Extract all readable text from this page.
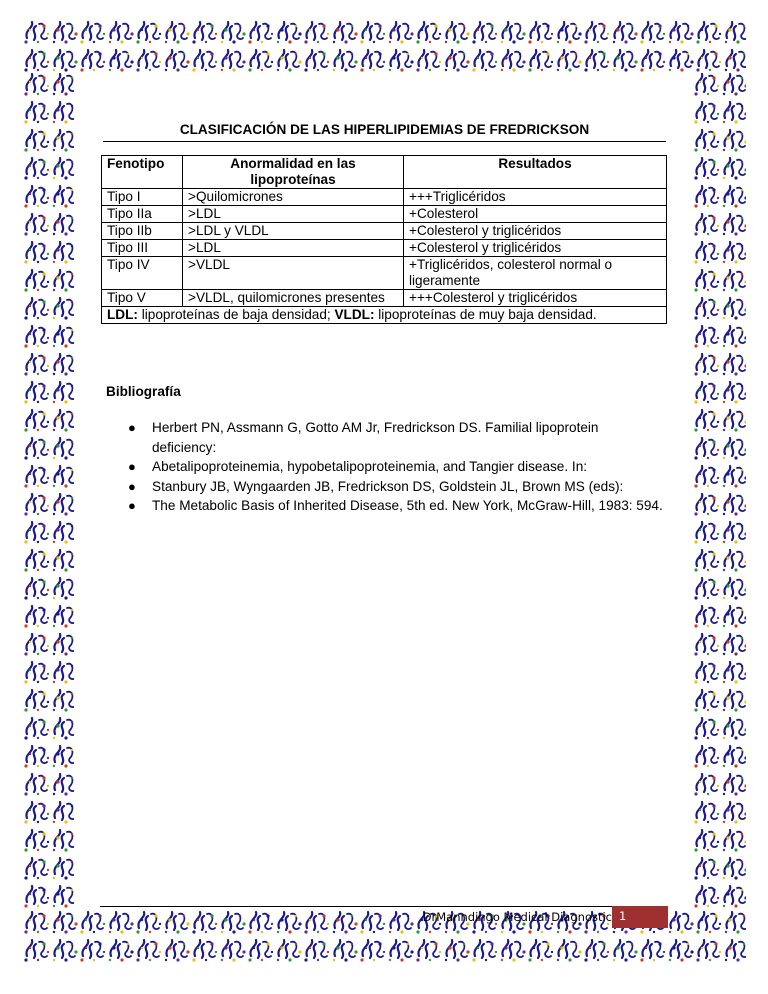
CLASIFICACIÓN DE LAS HIPERLIPIDEMIAS DE FREDRICKSON
Fenotipo	Anormalidad en las lipoproteínas	Resultados
Tipo I	>Quilomicrones	+++Triglicéridos
Tipo IIa	>LDL	+Colesterol
Tipo IIb	>LDL y VLDL	+Colesterol y triglicéridos
Tipo III	>LDL	+Colesterol y triglicéridos
Tipo IV	>VLDL	+Triglicéridos, colesterol normal o ligeramente
Tipo V	>VLDL, quilomicrones presentes	+++Colesterol y triglicéridos
LDL: lipoproteínas de baja densidad; VLDL: lipoproteínas de muy baja densidad.		
Bibliografía
● Herbert PN, Assmann G, Gotto AM Jr, Fredrickson DS. Familial lipoprotein deficiency:
● Abetalipoproteinemia, hypobetalipoproteinemia, and Tangier disease. In:
● Stanbury JB, Wyngaarden JB, Fredrickson DS, Goldstein JL, Brown MS (eds):
● The Metabolic Basis of Inherited Disease, 5th ed. New York, McGraw-Hill, 1983: 594.
DrManndingo Medical Diagnostic 1
